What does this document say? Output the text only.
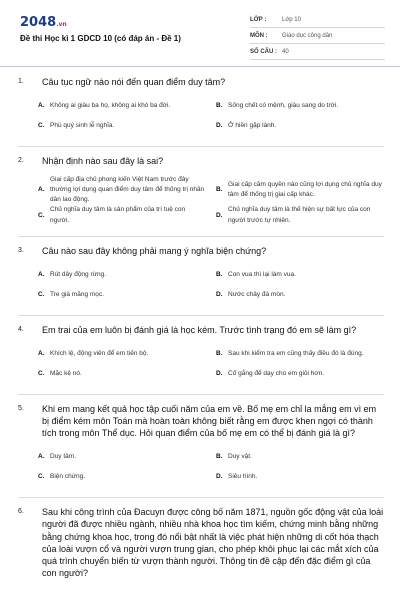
2048.vn
Đề thi Học kì 1 GDCD 10 (có đáp án - Đề 1)
LỚP :	Lớp 10
MÔN :	Giáo dục công dân
SỐ CÂU : 40
1.	Câu tục ngữ nào nói đến quan điểm duy tâm?
A. Không ai giàu ba họ, không ai khó ba đời.	B. Sống chết có mệnh, giàu sang do trời.
C. Phú quý sinh lễ nghĩa.	D. Ở hiền gặp lành.
2.	Nhận định nào sau đây là sai?
A.
Giai cấp địa chủ phong kiến Việt Nam trước đây thường lợi dụng quan điểm duy tâm để thống trị nhân dân lao động.
B.
Giai cấp cầm quyền nào cũng lợi dụng chủ nghĩa duy tâm để thống trị giai cấp khác.
C.
Chủ nghĩa duy tâm là sản phẩm của trí tuệ con người.
D.
Chủ nghĩa duy tâm là thế hiện sự bất lực của con người trước tự nhiên.
3.	Câu nào sau đây không phải mang ý nghĩa biện chứng?
A. Rút dây động rừng.	B. Con vua thì lại làm vua.
C. Tre già măng mọc.	D. Nước chảy đá mòn.
4.	Em trai của em luôn bị đánh giá là học kém. Trước tình trạng đó em sẽ làm gì?
A. Khích lệ, động viên để em tiến bộ.	B. Sau khi kiểm tra em cũng thấy điều đó là đúng.
C. Mặc kệ nó.	D. Cố gắng để dạy cho em giỏi hơn.
5.	Khi em mang kết quả học tập cuối năm của em về. Bố mẹ em chỉ la mắng em vì em bị điểm kém môn Toán mà hoàn toàn không biết rằng em được khen ngợi có thành tích trong môn Thể dục. Hỏi quan điểm của bố mẹ em có thể bị đánh giá là gì?
A. Duy tâm.	B. Duy vật.
C. Biện chứng.	D. Siêu hình.
6.	Sau khi công trình của Đacuyn được công bố năm 1871, nguồn gốc động vật của loài người đã được nhiều ngành, nhiều nhà khoa học tìm kiếm, chứng minh bằng những bằng chứng khoa học, trong đó nổi bật nhất là việc phát hiện những di cốt hóa thạch của loài vượn cổ và người vượn trung gian, cho phép khôi phục lại các mắt xích của quá trình chuyển biến từ vượn thành người. Thông tin đề cập đến đặc điểm gì của con người?
